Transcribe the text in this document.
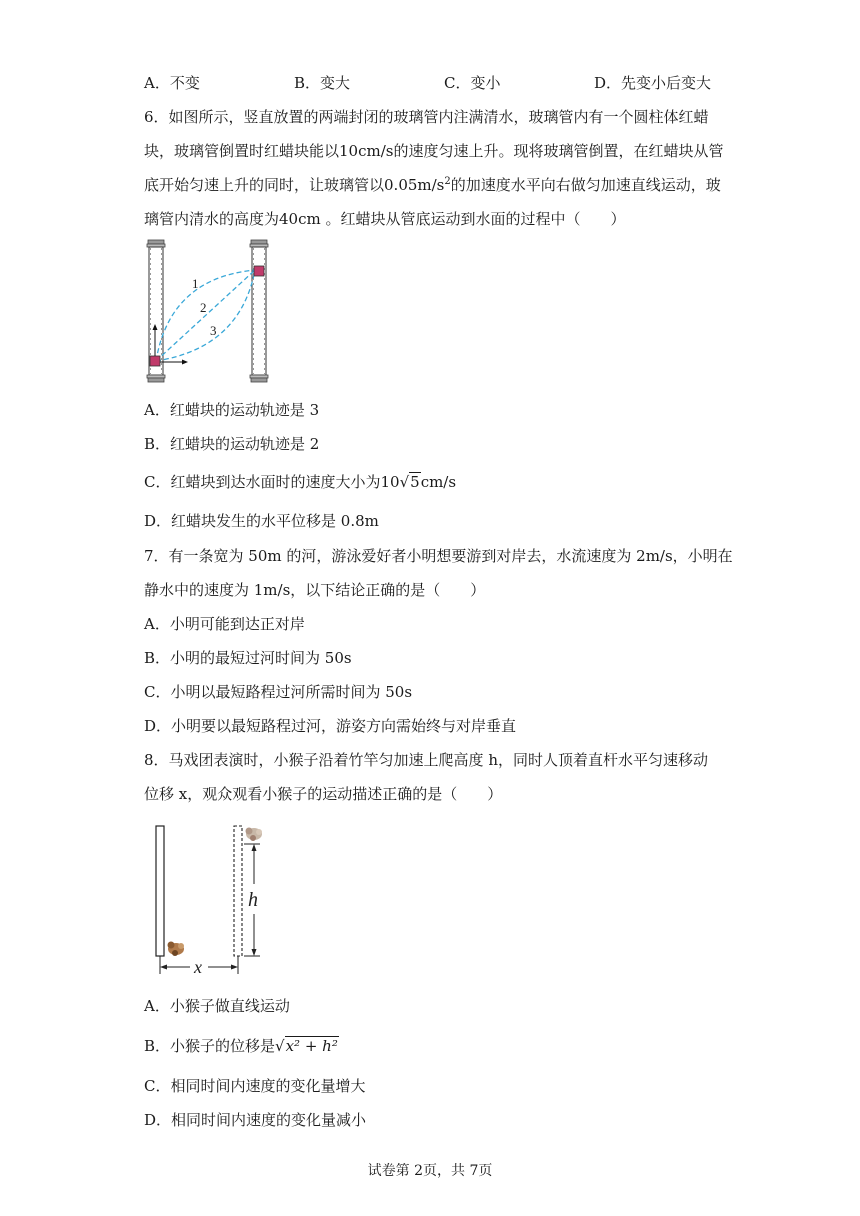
A．不变	B．变大	C．变小	D．先变小后变大
6．如图所示，竖直放置的两端封闭的玻璃管内注满清水，玻璃管内有一个圆柱体红蜡
块，玻璃管倒置时红蜡块能以10cm/s的速度匀速上升。现将玻璃管倒置，在红蜡块从管
底开始匀速上升的同时，让玻璃管以$0.05m/s^2$的加速度水平向右做匀加速直线运动，玻
璃管内清水的高度为40cm 。红蜡块从管底运动到水面的过程中（　　）
1
2
3
A．红蜡块的运动轨迹是 3
B．红蜡块的运动轨迹是 2
C．红蜡块到达水面时的速度大小为10√5cm/s
D．红蜡块发生的水平位移是 0.8m
7．有一条宽为 50m 的河，游泳爱好者小明想要游到对岸去，水流速度为 2m/s，小明在
静水中的速度为 1m/s，以下结论正确的是（　　）
A．小明可能到达正对岸
B．小明的最短过河时间为 50s
C．小明以最短路程过河所需时间为 50s
D．小明要以最短路程过河，游姿方向需始终与对岸垂直
8．马戏团表演时，小猴子沿着竹竿匀加速上爬高度 h，同时人顶着直杆水平匀速移动
位移 x，观众观看小猴子的运动描述正确的是（　　）
h
x
A．小猴子做直线运动
B．小猴子的位移是√x² + h²
C．相同时间内速度的变化量增大
D．相同时间内速度的变化量减小
试卷第 2页，共 7页
